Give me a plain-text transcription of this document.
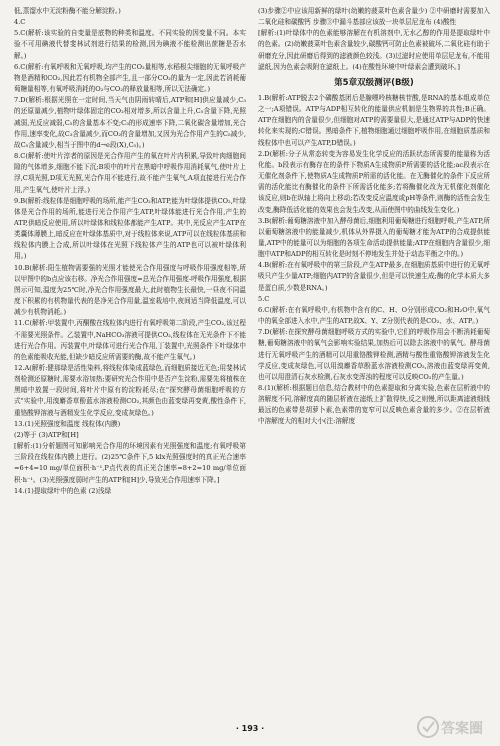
低,蒸馏水中无淀粉酶不能分解淀粉。)

4.C

5.C(解析:该实验的自变量是底物的种类和温度。不同实验的因变量不同。本实验不可用碘液代替斐林试剂进行结果的检测,因为碘液不能检测出蔗糖是否水解。)

6.C(解析:有氧呼吸和无氧呼吸,均产生的CO₂量相等,水稻根尖细胞的无氧呼吸产物是酒精和CO₂,因此若有机物全部产生,且一部分CO₂的量为一定,因此若消耗葡萄糖量相等,有氧呼吸消耗的O₂与CO₂的释放量相等,所以无法确定。)

7.D(解析:根据光照在一定时间,当天气由阴雨转晴后,ATP和[H]供应量减少,C₃的还原量减少,植物叶绿体固定的CO₂相对增多,所以含量上升,C₅含量下降,光照减弱,光反应减弱,C₅的含量基本不变;C₃的形成速率下降,二氧化碳含量增加,光合作用,速率变化,故C₃含量减少,而CO₂的含量增加,又因为光合作用产生的C₅减少,故C₅含量减少,相当于图中的d→e段(X),C₅)。)

8.C(解析:使叶片淳者的原因是光合作用产生的氧在叶片内积累,导致叶肉细胞间隙的气体增多,细胞不能下沉;B项中的叶片在黑暗中呼吸作用消耗氧气,使叶片上浮,C项光照,D项无光照,光合作用不能进行,故不能产生氧气,A项直接进行光合作用,产生氧气,使叶片上浮。)

9.B(解析:线粒体是细胞呼吸的场所,能产生CO₂和ATP,能为叶绿体提供CO₂,叶绿体是光合作用的场所,能进行光合作用产生ATP,叶绿体能进行光合作用,产生的ATP,供暗反应使用,所以叶绿体和线粒体都能产生ATP。其中,光反应产生ATP在类囊体薄膜上,暗反应在叶绿体基质中,对于线粒体来说,ATP可以在线粒体基质和线粒体内膜上合成,所以叶绿体在光照下线粒体产生的ATP也可以被叶绿体利用。)

10.B(解析:阳生植物需要强的光照才能使光合作用强度与呼吸作用强度相等,所以甲图中的b点应该右移。净光合作用强度=总光合作用强度-呼吸作用强度,根据图示可知,温度为25℃时,净光合作用强度最大,此时植物生长最快,一昼夜不同温度下积累的有机物量代表的是净光合作用量,温室栽培中,夜间适当降低温度,可以减少有机物消耗。)

11.C(解析:甲装置中,丙酮酸在线粒体内进行有氧呼吸第二阶段,产生CO₂,该过程不需要光照条件。乙装置中,NaHCO₃溶液可提供CO₂,线粒体在无光条件下不能进行光合作用。丙装置中,叶绿体可进行光合作用,丁装置中,光照条件下叶绿体中的色素能吸收光能,但缺少暗反应所需要的酶,故不能产生氧气。)

12.A(解析:健那绿是活性染料,将线粒体染成蓝绿色,而细胞质接近无色;用斐林试剂检测还原糖时,需要水浴加热;要研究光合作用中是否产生淀粉,需要先将植株在黑暗中放置一段时间,将叶片中原有的淀粉耗尽;在"探究酵母菌细胞呼吸的方式"实验中,用溴麝香草酚蓝水溶液检测CO₂,其颜色由蓝变绿再变黄,酸性条件下,重铬酸钾溶液与酒精发生化学反应,变成灰绿色。)

13.(1)光照强度和温度 线粒体(内膜)

(2)等于 (3)ATP和[H]

[解析:(1)分析题图可知影响光合作用的环境因素有光照强度和温度;有氧呼吸第三阶段在线粒体内膜上进行。(2)25℃条件下,5 klx光照强度时的真正光合速率=6+4=10 mg/单位面积·h⁻¹,P点代表的真正光合速率=8+2=10 mg/单位面积·h⁻¹。(3)光照强度弱时产生的ATP和[H]少,导致光合作用速率下降。]

14.(1)提取绿叶中的色素 (2)浅绿

(3)步骤②中应该用新鲜的绿叶(幼嫩的菠菜叶色素含量少) ②中研磨时需要加入二氧化硅和碳酸钙 步骤③中漏斗基部应该放一块单层尼龙布 (4)酸性

[解析:(1)叶绿体中的色素能够溶解在有机溶剂中,无水乙醇的作用是提取绿叶中的色素。(2)幼嫩菠菜叶色素含量较少,碳酸钙可防止色素被破坏,二氧化硅有助于研磨充分,因此研磨后得到的滤液颜色较浅。(3)过滤时应使用单层尼龙布,不能用滤纸,因为色素会吸附在滤纸上。(4)在酸性环境中叶绿素会遭到破坏。]

第5章双级测评(B级)

1.B(解析:ATP脱去2个磷酸基团后是腺嘌呤核糖核苷酸,是RNA的基本组成单位之一;A项错误。ATP与ADP相互转化的能量供应机制是生物界的共性;B正确。ATP在细胞内的含量很少,但细胞对ATP的需要量很大,是通过ATP与ADP的快速转化来实现的;C错误。黑暗条件下,植物细胞通过细胞呼吸作用,在细胞质基质和线粒体中也可以产生ATP,D错误。)

2.D(解析:分子从常态转变为容易发生化学反应的活跃状态所需要的能量称为活化能。b段表示有酶存在的条件下物质A生成物质P所需要的活化能;ac段表示在无催化剂条件下,使物质A生成物质P所需的活化能。在无酶催化的条件下反应所需的活化能比有酶催化的条件下所需活化能多;若将酶催化改为无机催化剂催化该反应,则b在纵轴上将向上移动;若改变反应温度或pH等条件,则酶的活性会发生改变,酶降低活化能的效果也会发生改变,从而使图中的曲线发生变化。)

3.B(解析:葡萄糖溶液中加入酵母菌后,细胞利用葡萄糖进行细胞呼吸,产生ATP,所以葡萄糖溶液中的能量减少,机体从外界摄入的葡萄糖才能为ATP的合成提供能量,ATP中的能量可以为细胞的各项生命活动提供能量;ATP在细胞内含量很少,细胞中ATP和ADP的相互转化是时刻不停地发生并处于动态平衡之中的。)

4.B(解析:在有氧呼吸中的第三阶段,产生ATP最多,在细胞质基质中进行的无氧呼吸只产生少量ATP;细胞内ATP的含量很少,但是可以快速生成;酶的化学本质大多是蛋白质,少数是RNA。)

5.C

6.C(解析:在有氧呼吸中,有机物中含有的C、H、O分别形成CO₂和H₂O中,氧气中的氧全部进入水中,产生的ATP,故X、Y、Z分别代表的是CO₂、水、ATP。)

7.D(解析:在探究酵母菌细胞呼吸方式的实验中,它们的呼吸作用会不断消耗葡萄糖,葡萄糖溶液中的氧气会影响实验结果,加热后可以除去溶液中的氧气。酵母菌进行无氧呼吸产生的酒精可以用重铬酸钾检测,酒精与酸性重铬酸钾溶液发生化学反应,变成灰绿色,可以用溴麝香草酚蓝水溶液检测CO₂,溶液由蓝变绿再变黄,也可以用澄清石灰水检测,石灰水变浑浊的程度可以反映CO₂的产生量。)

8.(1)(解析:根据题目信息,结合教材中的色素提取和分离实验,色素在层析液中的溶解度不同,溶解度高的随层析液在滤纸上扩散得快,反之则慢,所以距离滤液细线最远的色素带是胡萝卜素,色素带的宽窄可以反映色素含量的多少。②在层析液中溶解度大的相对大小(注:溶解度

· 193 ·	答案圈
